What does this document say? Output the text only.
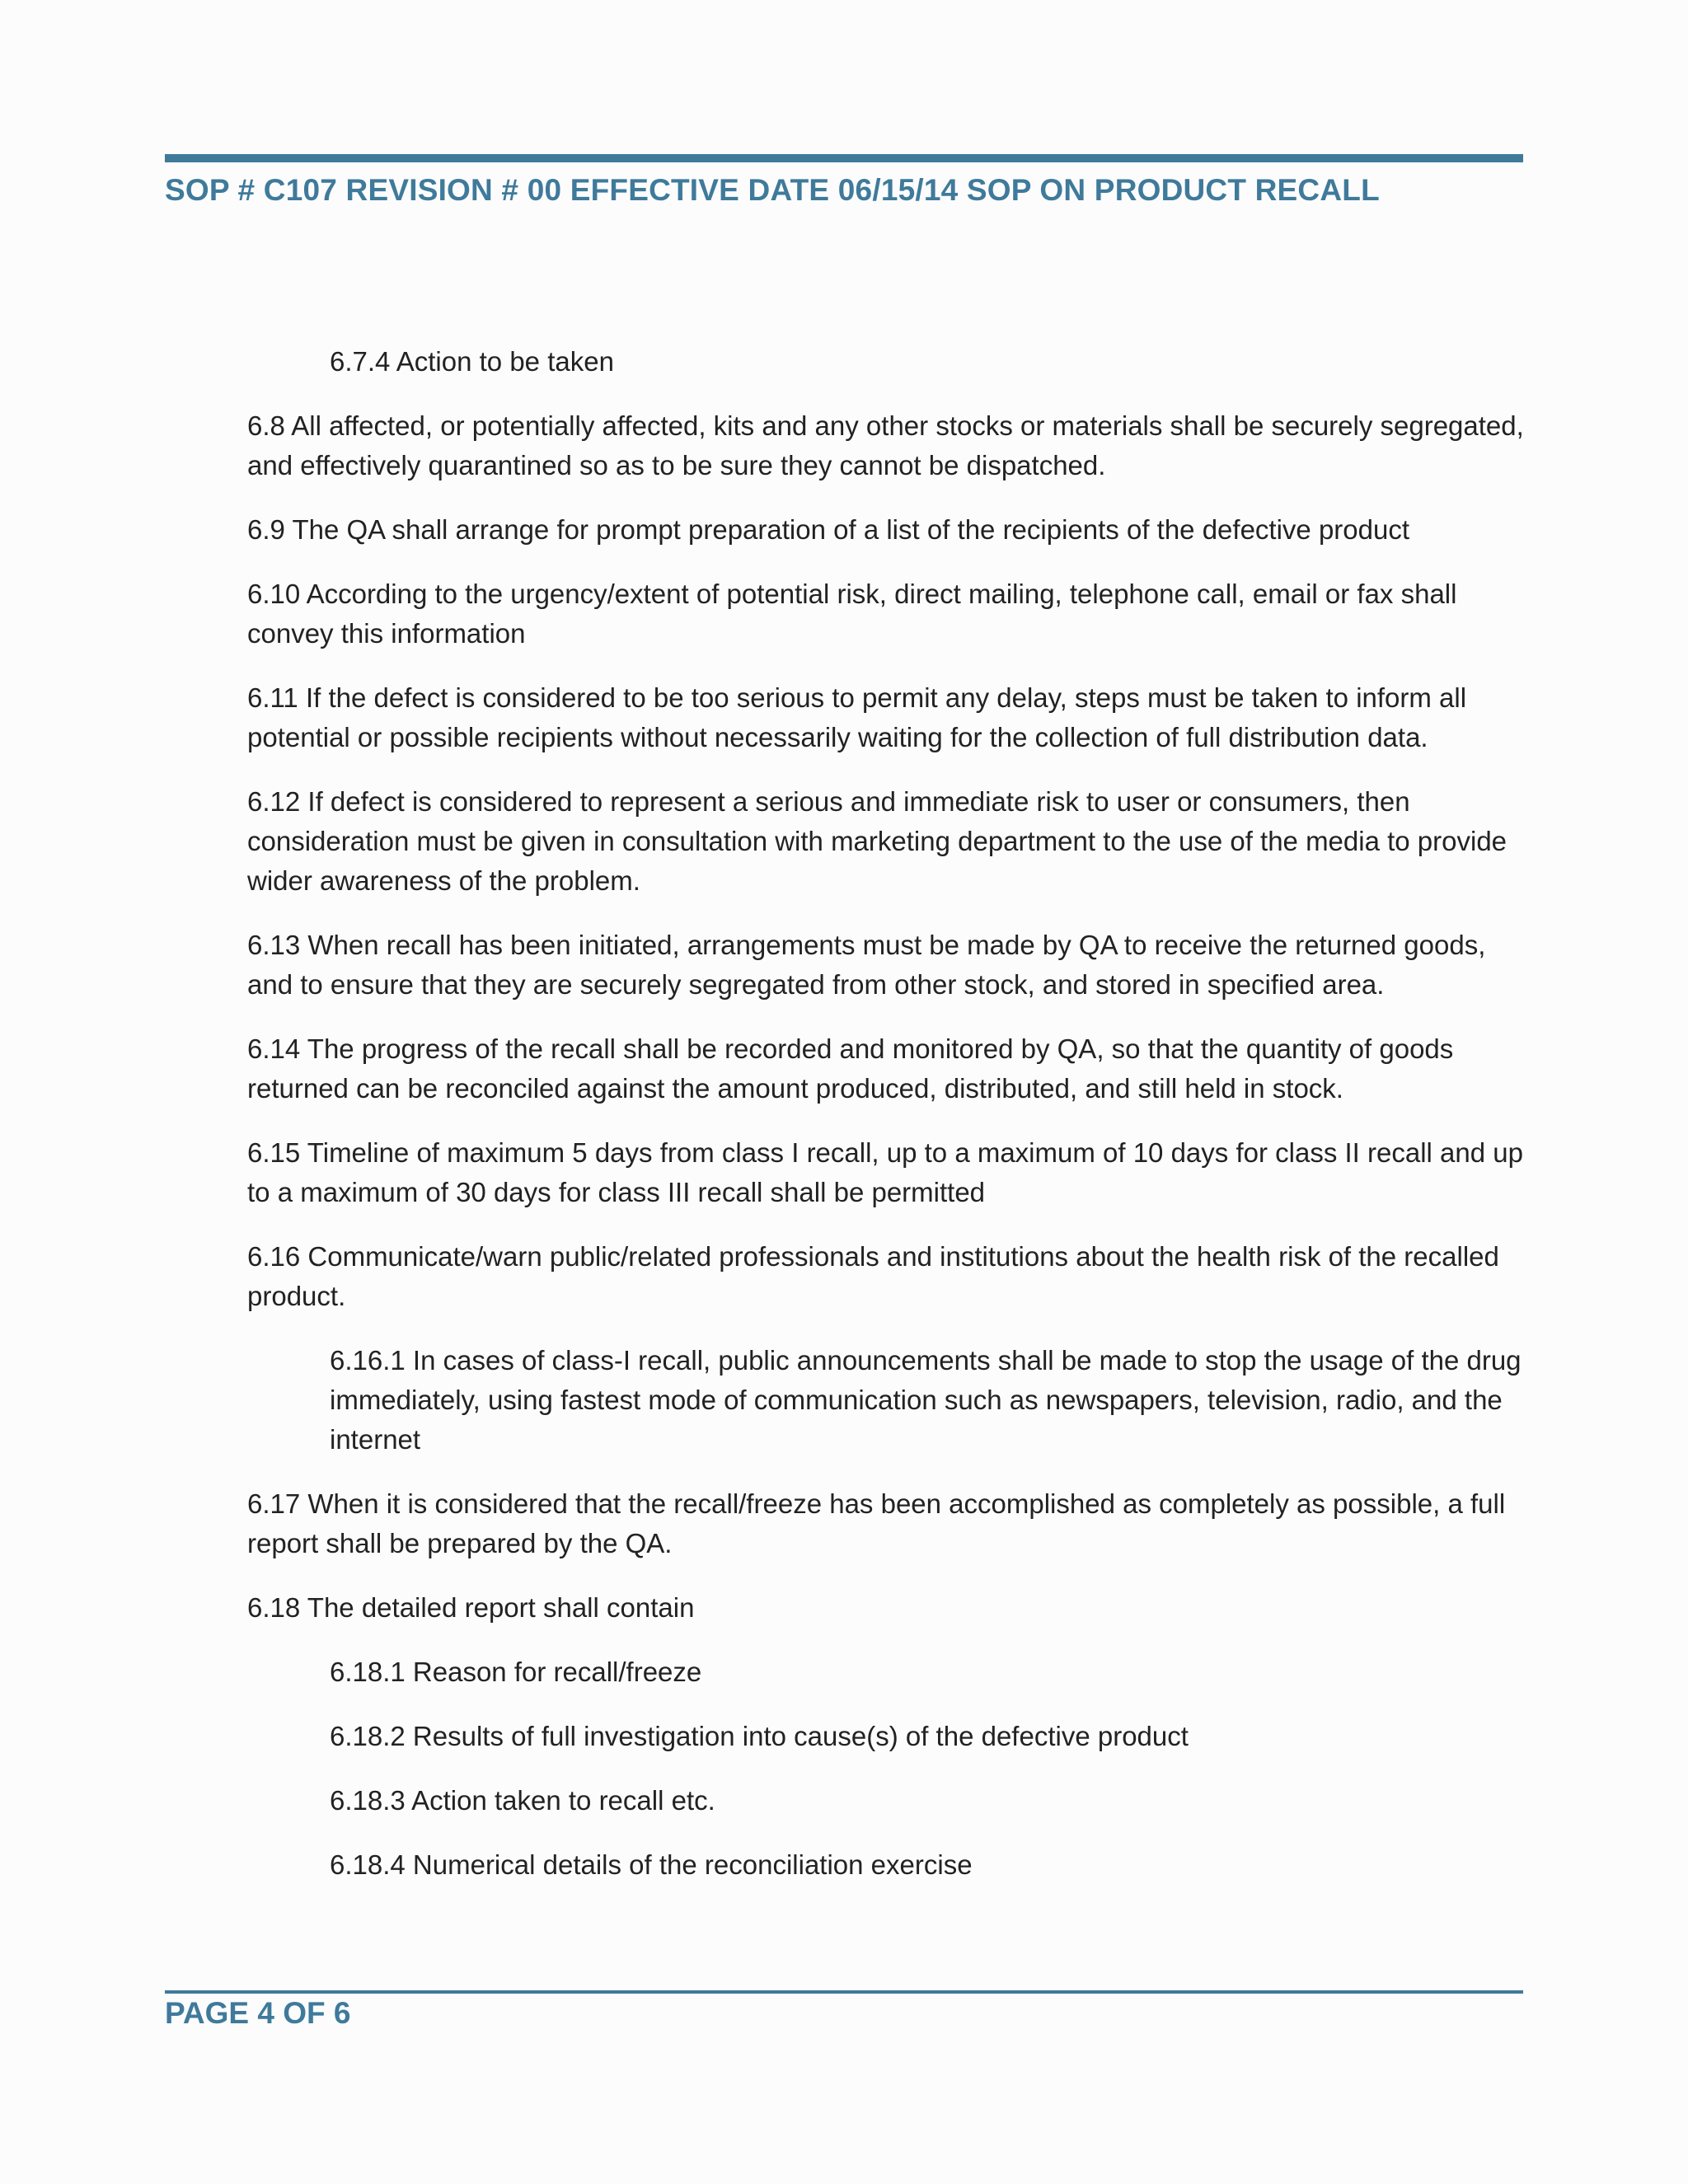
SOP # C107 REVISION # 00 EFFECTIVE DATE 06/15/14 SOP ON PRODUCT RECALL

6.7.4 Action to be taken

6.8 All affected, or potentially affected, kits and any other stocks or materials shall be securely segregated, and effectively quarantined so as to be sure they cannot be dispatched.

6.9 The QA shall arrange for prompt preparation of a list of the recipients of the defective product

6.10 According to the urgency/extent of potential risk, direct mailing, telephone call, email or fax shall convey this information

6.11 If the defect is considered to be too serious to permit any delay, steps must be taken to inform all potential or possible recipients without necessarily waiting for the collection of full distribution data.

6.12 If defect is considered to represent a serious and immediate risk to user or consumers, then consideration must be given in consultation with marketing department to the use of the media to provide wider awareness of the problem.

6.13 When recall has been initiated, arrangements must be made by QA to receive the returned goods, and to ensure that they are securely segregated from other stock, and stored in specified area.

6.14 The progress of the recall shall be recorded and monitored by QA, so that the quantity of goods returned can be reconciled against the amount produced, distributed, and still held in stock.

6.15 Timeline of maximum 5 days from class I recall, up to a maximum of 10 days for class II recall and up to a maximum of 30 days for class III recall shall be permitted

6.16 Communicate/warn public/related professionals and institutions about the health risk of the recalled product.

6.16.1 In cases of class-I recall, public announcements shall be made to stop the usage of the drug immediately, using fastest mode of communication such as newspapers, television, radio, and the internet

6.17 When it is considered that the recall/freeze has been accomplished as completely as possible, a full report shall be prepared by the QA.

6.18 The detailed report shall contain

6.18.1 Reason for recall/freeze

6.18.2 Results of full investigation into cause(s) of the defective product

6.18.3 Action taken to recall etc.

6.18.4 Numerical details of the reconciliation exercise

PAGE 4 OF 6
